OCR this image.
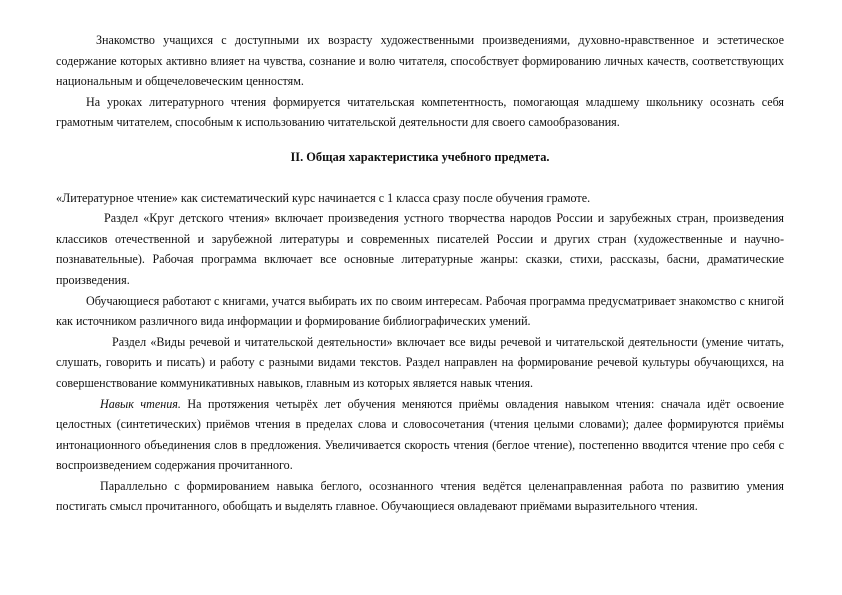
Знакомство учащихся с доступными их возрасту художественными произведениями, духовно-нравственное и эстетическое содержание которых активно влияет на чувства, сознание и волю читателя, способствует формированию личных качеств, соответствующих национальным и общечеловеческим ценностям.

На уроках литературного чтения формируется читательская компетентность, помогающая младшему школьнику осознать себя грамотным читателем, способным к использованию читательской деятельности для своего самообразования.

II. Общая характеристика учебного предмета.

«Литературное чтение» как систематический курс начинается с 1 класса сразу после обучения грамоте.

Раздел «Круг детского чтения» включает произведения устного творчества народов России и зарубежных стран, произведения классиков отечественной и зарубежной литературы и современных писателей России и других стран (художественные и научно-познавательные). Рабочая программа включает все основные литературные жанры: сказки, стихи, рассказы, басни, драматические произведения.

Обучающиеся работают с книгами, учатся выбирать их по своим интересам. Рабочая программа предусматривает знакомство с книгой как источником различного вида информации и формирование библиографических умений.

Раздел «Виды речевой и читательской деятельности» включает все виды речевой и читательской деятельности (умение читать, слушать, говорить и писать) и работу с разными видами текстов. Раздел направлен на формирование речевой культуры обучающихся, на совершенствование коммуникативных навыков, главным из которых является навык чтения.

Навык чтения. На протяжения четырёх лет обучения меняются приёмы овладения навыком чтения: сначала идёт освоение целостных (синтетических) приёмов чтения в пределах слова и словосочетания (чтения целыми словами); далее формируются приёмы интонационного объединения слов в предложения. Увеличивается скорость чтения (беглое чтение), постепенно вводится чтение про себя с воспроизведением содержания прочитанного.

Параллельно с формированием навыка беглого, осознанного чтения ведётся целенаправленная работа по развитию умения постигать смысл прочитанного, обобщать и выделять главное. Обучающиеся овладевают приёмами выразительного чтения.
